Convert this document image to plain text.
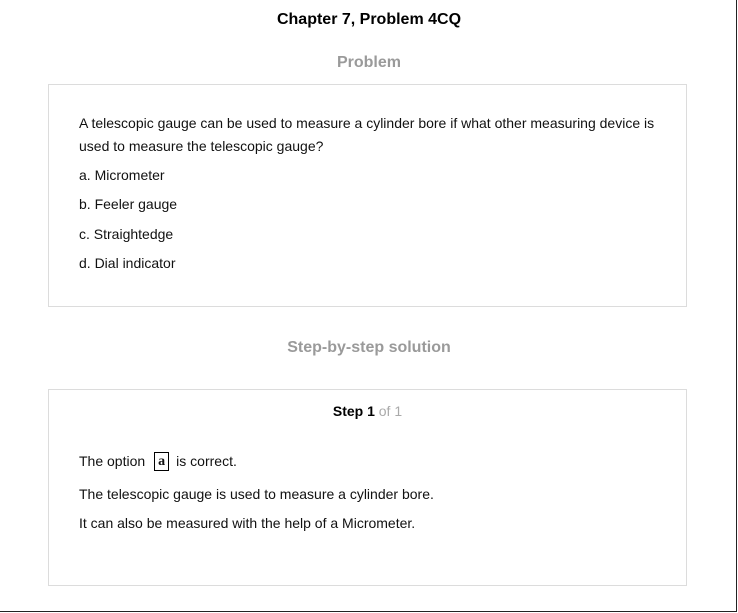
Chapter 7, Problem 4CQ
Problem
A telescopic gauge can be used to measure a cylinder bore if what other measuring device is used to measure the telescopic gauge?
a. Micrometer
b. Feeler gauge
c. Straightedge
d. Dial indicator
Step-by-step solution
Step 1 of 1
The option a is correct.
The telescopic gauge is used to measure a cylinder bore.
It can also be measured with the help of a Micrometer.
